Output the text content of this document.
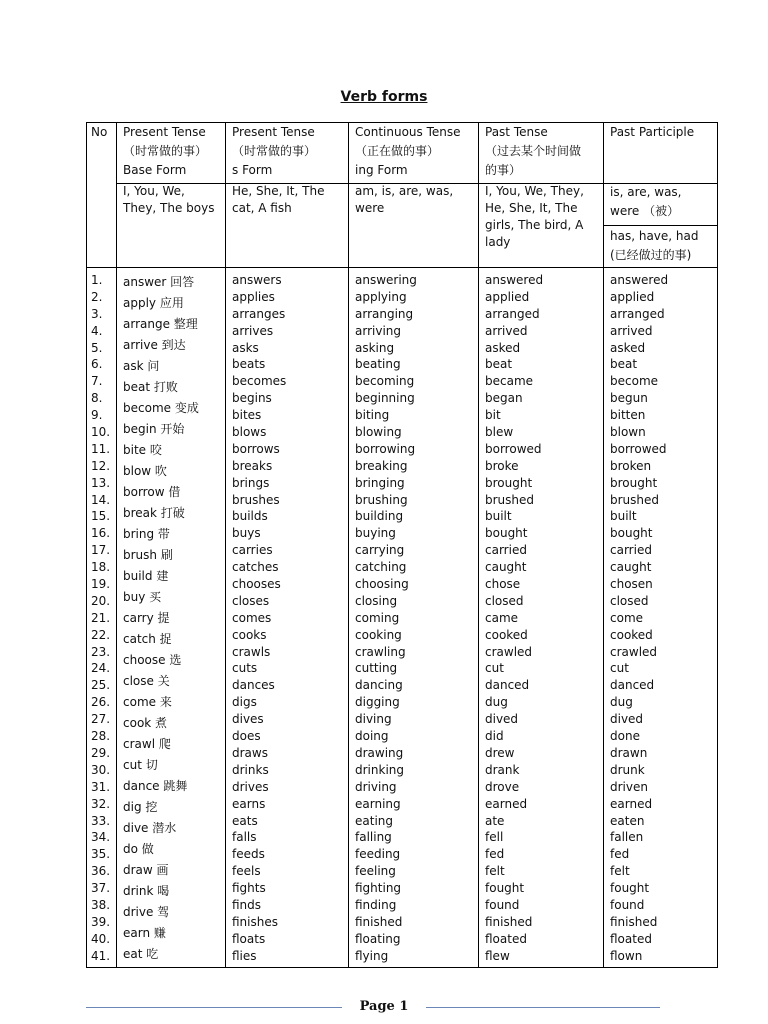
Verb forms
No Present Tense
（时常做的事）
Base Form
Present Tense
（时常做的事）
s Form
Continuous Tense
（正在做的事）
ing Form
Past Tense
（过去某个时间做
的事）
Past Participle
I, You, We,
They, The boys
He, She, It, The
cat, A fish
am, is, are, was,
were
I, You, We, They,
He, She, It, The
girls, The bird, A
lady
is, are, was,
were （被）
has, have, had
(已经做过的事)
1.
2.
3.
4.
5.
6.
7.
8.
9.
10.
11.
12.
13.
14.
15.
16.
17.
18.
19.
20.
21.
22.
23.
24.
25.
26.
27.
28.
29.
30.
31.
32.
33.
34.
35.
36.
37.
38.
39.
40.
41.
answer 回答
apply 应用
arrange 整理
arrive 到达
ask 问
beat 打败
become 变成
begin 开始
bite 咬
blow 吹
borrow 借
break 打破
bring 带
brush 刷
build 建
buy 买
carry 提
catch 捉
choose 选
close 关
come 来
cook 煮
crawl 爬
cut 切
dance 跳舞
dig 挖
dive 潜水
do 做
draw 画
drink 喝
drive 驾
earn 赚
eat 吃
answers
applies
arranges
arrives
asks
beats
becomes
begins
bites
blows
borrows
breaks
brings
brushes
builds
buys
carries
catches
chooses
closes
comes
cooks
crawls
cuts
dances
digs
dives
does
draws
drinks
drives
earns
eats
falls
feeds
feels
fights
finds
finishes
floats
flies
answering
applying
arranging
arriving
asking
beating
becoming
beginning
biting
blowing
borrowing
breaking
bringing
brushing
building
buying
carrying
catching
choosing
closing
coming
cooking
crawling
cutting
dancing
digging
diving
doing
drawing
drinking
driving
earning
eating
falling
feeding
feeling
fighting
finding
finished
floating
flying
answered
applied
arranged
arrived
asked
beat
became
began
bit
blew
borrowed
broke
brought
brushed
built
bought
carried
caught
chose
closed
came
cooked
crawled
cut
danced
dug
dived
did
drew
drank
drove
earned
ate
fell
fed
felt
fought
found
finished
floated
flew
answered
applied
arranged
arrived
asked
beat
become
begun
bitten
blown
borrowed
broken
brought
brushed
built
bought
carried
caught
chosen
closed
come
cooked
crawled
cut
danced
dug
dived
done
drawn
drunk
driven
earned
eaten
fallen
fed
felt
fought
found
finished
floated
flown
Page 1
